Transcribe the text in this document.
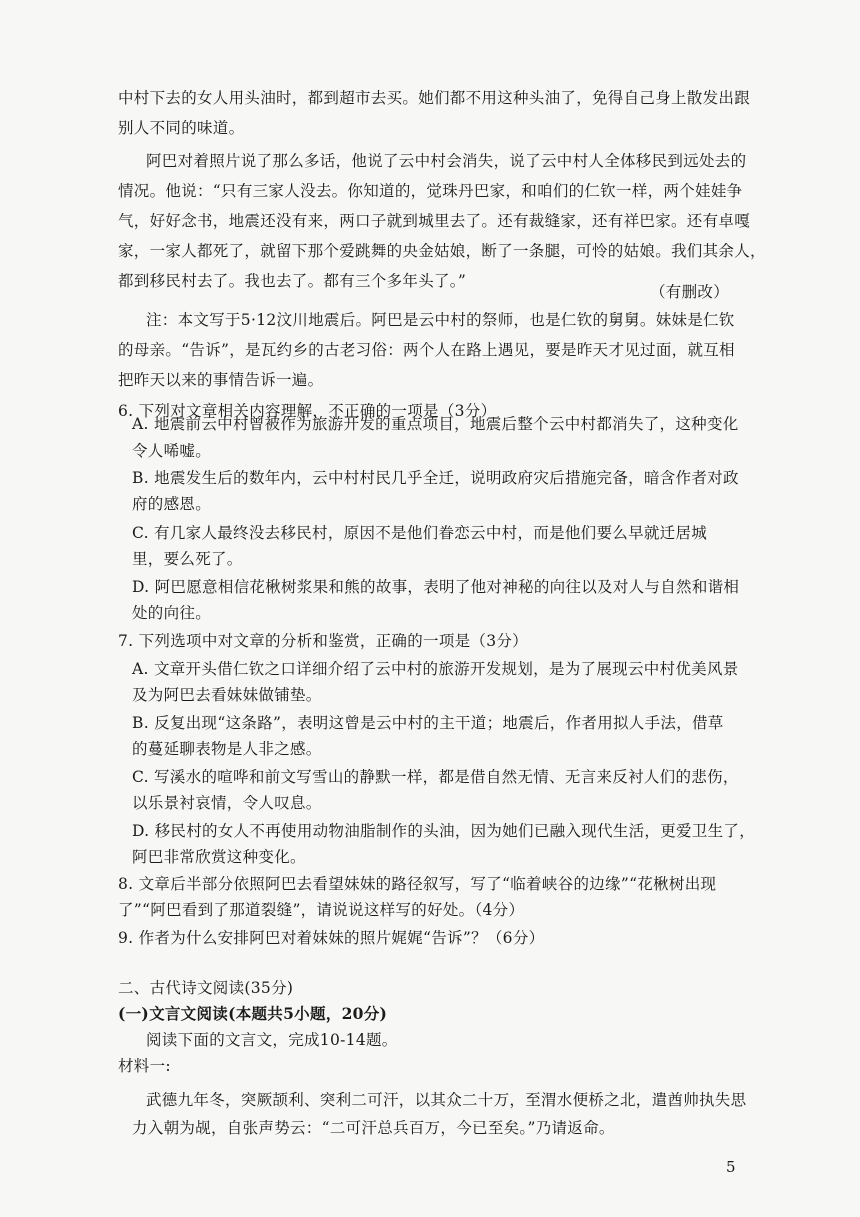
中村下去的女人用头油时，都到超市去买。她们都不用这种头油了，免得自己身上散发出跟
别人不同的味道。
阿巴对着照片说了那么多话，他说了云中村会消失，说了云中村人全体移民到远处去的
情况。他说：“只有三家人没去。你知道的，觉珠丹巴家，和咱们的仁钦一样，两个娃娃争
气，好好念书，地震还没有来，两口子就到城里去了。还有裁缝家，还有祥巴家。还有卓嘎
家，一家人都死了，就留下那个爱跳舞的央金姑娘，断了一条腿，可怜的姑娘。我们其余人，
都到移民村去了。我也去了。都有三个多年头了。”
（有删改）
注：本文写于5·12汶川地震后。阿巴是云中村的祭师，也是仁钦的舅舅。妹妹是仁钦
的母亲。“告诉”，是瓦约乡的古老习俗：两个人在路上遇见，要是昨天才见过面，就互相
把昨天以来的事情告诉一遍。
6. 下列对文章相关内容理解，不正确的一项是（3分）
A. 地震前云中村曾被作为旅游开发的重点项目，地震后整个云中村都消失了，这种变化
令人唏嘘。
B. 地震发生后的数年内，云中村村民几乎全迁，说明政府灾后措施完备，暗含作者对政
府的感恩。
C. 有几家人最终没去移民村，原因不是他们眷恋云中村，而是他们要么早就迁居城
里，要么死了。
D. 阿巴愿意相信花楸树浆果和熊的故事，表明了他对神秘的向往以及对人与自然和谐相
处的向往。
7. 下列选项中对文章的分析和鉴赏，正确的一项是（3分）
A. 文章开头借仁钦之口详细介绍了云中村的旅游开发规划，是为了展现云中村优美风景
及为阿巴去看妹妹做铺垫。
B. 反复出现“这条路”，表明这曾是云中村的主干道；地震后，作者用拟人手法，借草
的蔓延聊表物是人非之感。
C. 写溪水的喧哗和前文写雪山的静默一样，都是借自然无情、无言来反衬人们的悲伤，
以乐景衬哀情，令人叹息。
D. 移民村的女人不再使用动物油脂制作的头油，因为她们已融入现代生活，更爱卫生了，
阿巴非常欣赏这种变化。
8. 文章后半部分依照阿巴去看望妹妹的路径叙写，写了“临着峡谷的边缘”“花楸树出现
了”“阿巴看到了那道裂缝”，请说说这样写的好处。（4分）
9. 作者为什么安排阿巴对着妹妹的照片娓娓“告诉”？（6分）
二、古代诗文阅读(35分)
(一)文言文阅读(本题共5小题，20分)
阅读下面的文言文，完成10-14题。
材料一:
武德九年冬，突厥颉利、突利二可汗，以其众二十万，至渭水便桥之北，遣酋帅执失思
力入朝为觇，自张声势云：“二可汗总兵百万，今已至矣。”乃请返命。
5
